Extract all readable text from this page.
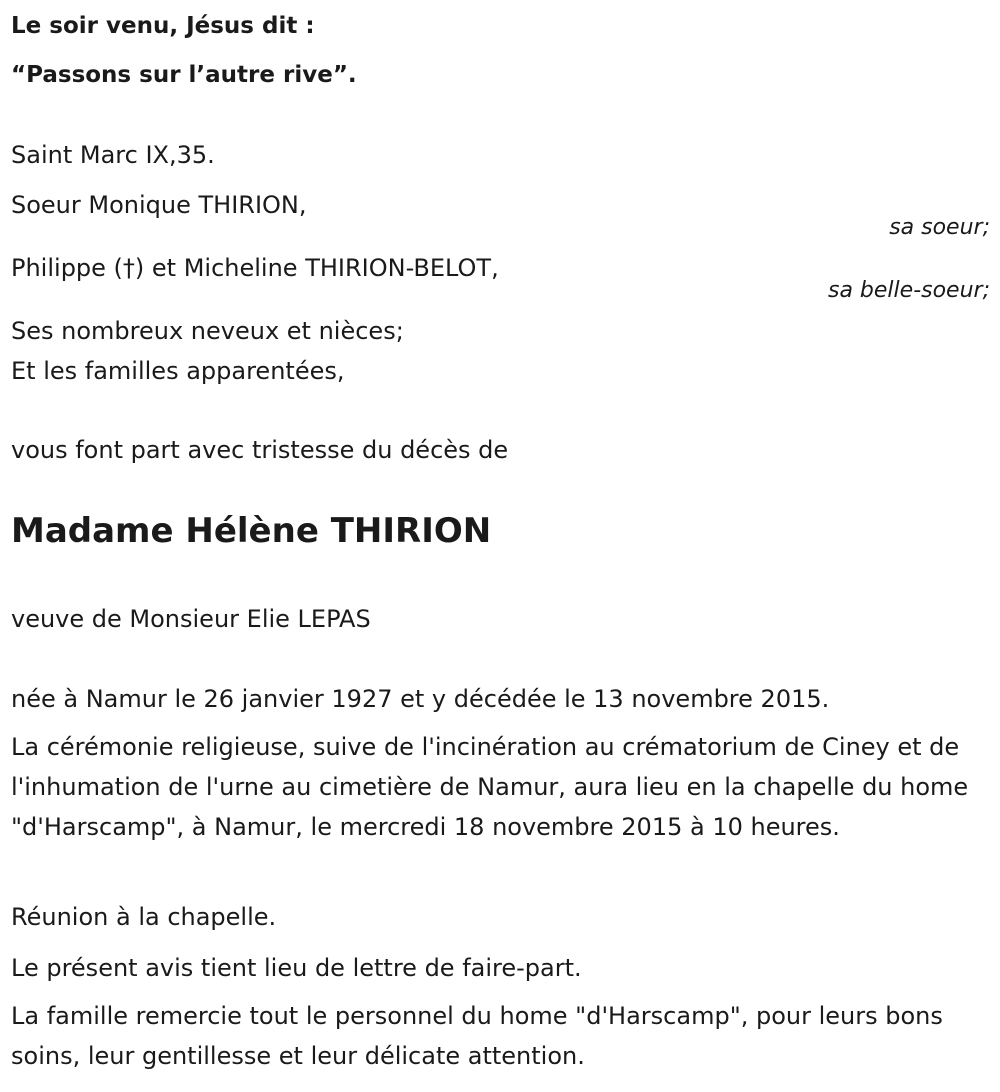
Le soir venu, Jésus dit :
“Passons sur l’autre rive”.
Saint Marc IX,35.
Soeur Monique THIRION,
sa soeur;
Philippe (†) et Micheline THIRION-BELOT,
sa belle-soeur;
Ses nombreux neveux et nièces;
Et les familles apparentées,
vous font part avec tristesse du décès de
Madame Hélène THIRION
veuve de Monsieur Elie LEPAS
née à Namur le 26 janvier 1927 et y décédée le 13 novembre 2015.
La cérémonie religieuse, suive de l'incinération au crématorium de Ciney et de l'inhumation de l'urne au cimetière de Namur, aura lieu en la chapelle du home "d'Harscamp", à Namur, le mercredi 18 novembre 2015 à 10 heures.
Réunion à la chapelle.
Le présent avis tient lieu de lettre de faire-part.
La famille remercie tout le personnel du home "d'Harscamp", pour leurs bons soins, leur gentillesse et leur délicate attention.
